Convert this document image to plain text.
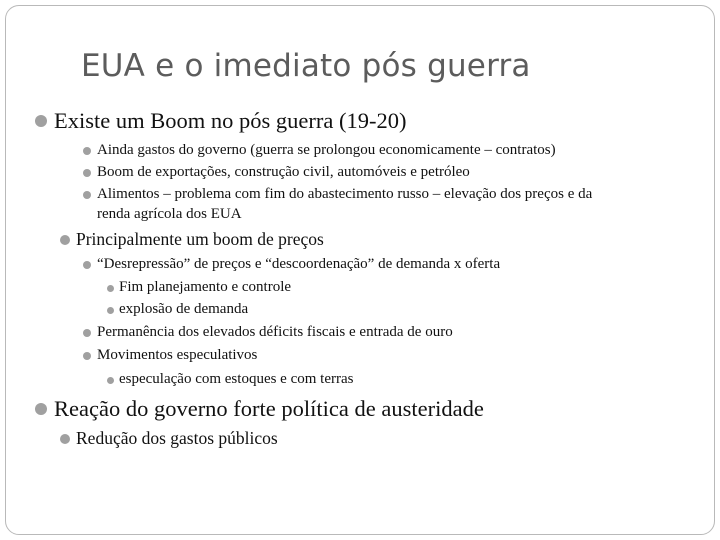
EUA e o imediato pós guerra
Existe um Boom no pós guerra (19-20)
Ainda gastos do governo (guerra se prolongou economicamente – contratos)
Boom de exportações, construção civil, automóveis e petróleo
Alimentos – problema com fim do abastecimento russo – elevação dos preços e da
renda agrícola dos EUA
Principalmente um boom de preços
“Desrepressão” de preços e “descoordenação” de demanda x oferta
Fim planejamento e controle
explosão de demanda
Permanência dos elevados déficits fiscais e entrada de ouro
Movimentos especulativos
especulação com estoques e com terras
Reação do governo forte política de austeridade
Redução dos gastos públicos
